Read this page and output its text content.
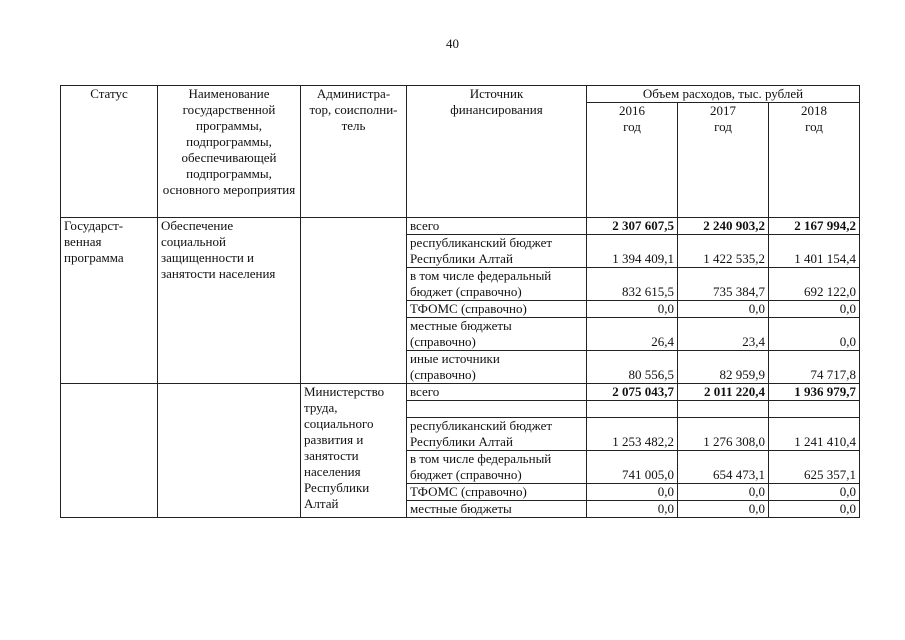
40
Статус	Наименование государственной программы, подпрограммы, обеспечивающей подпрограммы, основного мероприятия	Администра-тор, соисполни-тель	Источник финансирования	Объем расходов, тыс. рублей		

				2016 год	2017 год	2018 год

Государст-венная программа	Обеспечение социальной защищенности и занятости населения		всего	2 307 607,5	2 240 903,2	2 167 994,2

			республиканский бюджет Республики Алтай	1 394 409,1	1 422 535,2	1 401 154,4

			в том числе федеральный бюджет (справочно)	832 615,5	735 384,7	692 122,0
			ТФОМС (справочно)	0,0	0,0	0,0

			местные бюджеты (справочно)	26,4	23,4	0,0

			иные источники (справочно)	80 556,5	82 959,9	74 717,8

		Министерство труда, социального развития и занятости населения Республики Алтай	всего	2 075 043,7	2 011 220,4	1 936 979,7

			республиканский бюджет Республики Алтай	1 253 482,2	1 276 308,0	1 241 410,4

			в том числе федеральный бюджет (справочно)	741 005,0	654 473,1	625 357,1
			ТФОМС (справочно)	0,0	0,0	0,0
			местные бюджеты	0,0	0,0	0,0
